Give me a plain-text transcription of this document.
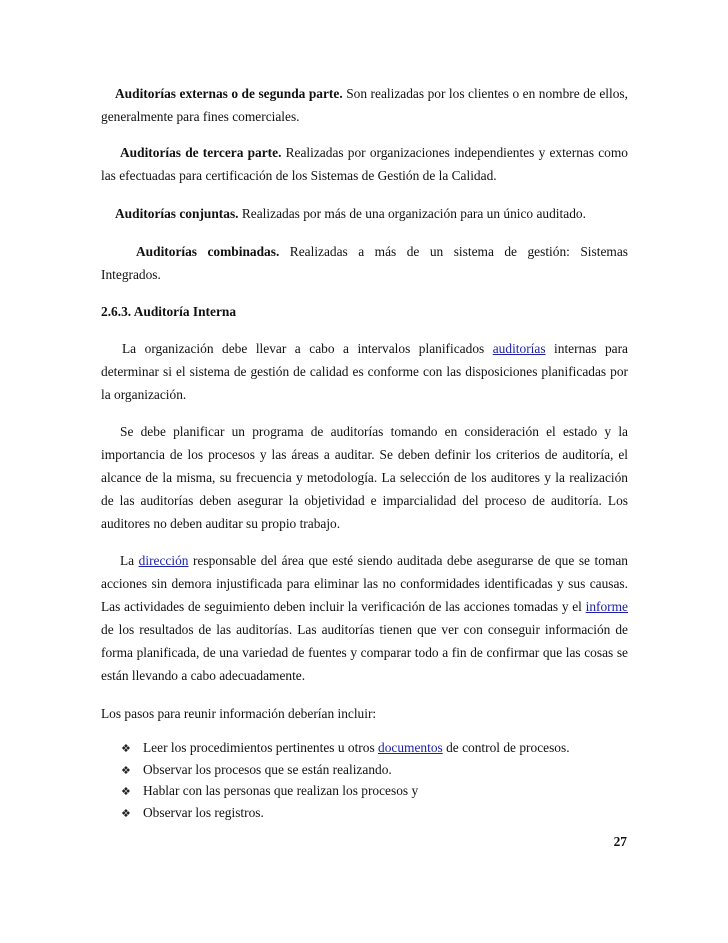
Auditorías externas o de segunda parte. Son realizadas por los clientes o en nombre de ellos, generalmente para fines comerciales.

Auditorías de tercera parte. Realizadas por organizaciones independientes y externas como las efectuadas para certificación de los Sistemas de Gestión de la Calidad.

Auditorías conjuntas. Realizadas por más de una organización para un único auditado.

Auditorías combinadas. Realizadas a más de un sistema de gestión: Sistemas Integrados.

2.6.3. Auditoría Interna

La organización debe llevar a cabo a intervalos planificados auditorías internas para determinar si el sistema de gestión de calidad es conforme con las disposiciones planificadas por la organización.

Se debe planificar un programa de auditorías tomando en consideración el estado y la importancia de los procesos y las áreas a auditar. Se deben definir los criterios de auditoría, el alcance de la misma, su frecuencia y metodología. La selección de los auditores y la realización de las auditorías deben asegurar la objetividad e imparcialidad del proceso de auditoría. Los auditores no deben auditar su propio trabajo.

La dirección responsable del área que esté siendo auditada debe asegurarse de que se toman acciones sin demora injustificada para eliminar las no conformidades identificadas y sus causas. Las actividades de seguimiento deben incluir la verificación de las acciones tomadas y el informe de los resultados de las auditorías. Las auditorías tienen que ver con conseguir información de forma planificada, de una variedad de fuentes y comparar todo a fin de confirmar que las cosas se están llevando a cabo adecuadamente.

Los pasos para reunir información deberían incluir:

❖ Leer los procedimientos pertinentes u otros documentos de control de procesos.
❖ Observar los procesos que se están realizando.
❖ Hablar con las personas que realizan los procesos y
❖ Observar los registros.
27
